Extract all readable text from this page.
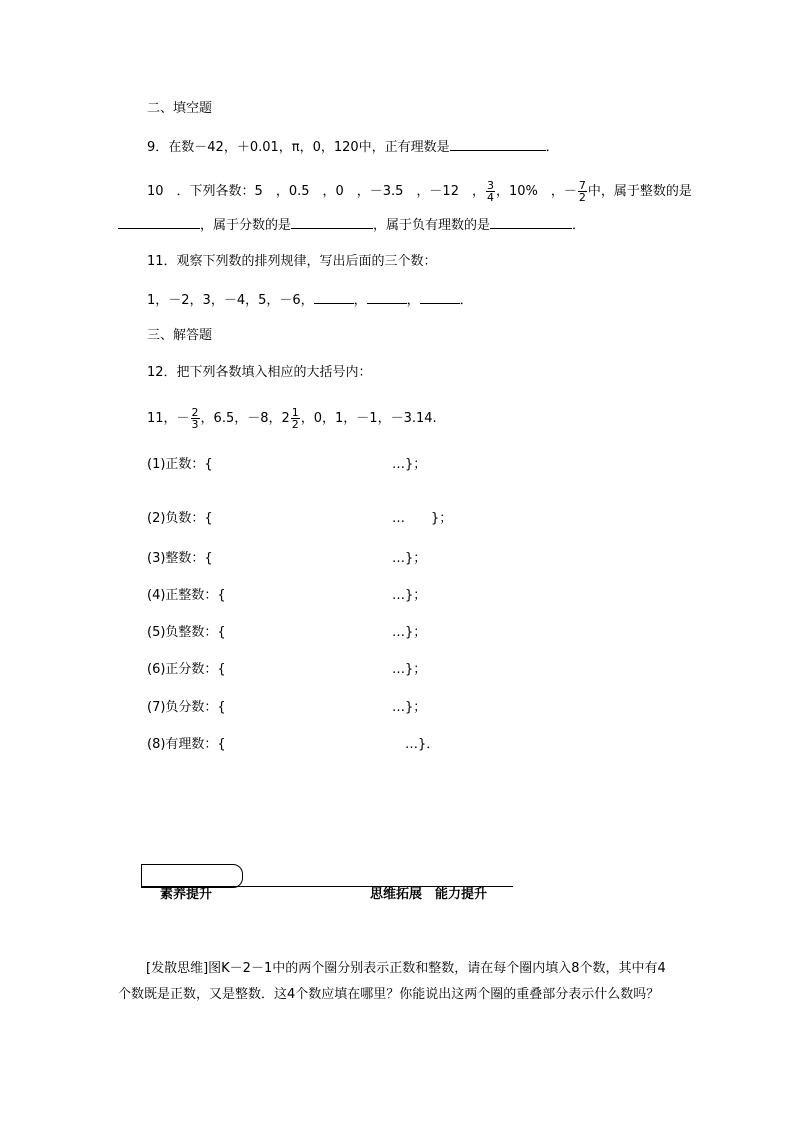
二、填空题
9．在数－42，＋0.01，π，0，120中，正有理数是	．
10　．下列各数：5　，0.5　，0　，－3.5　，－12　， $\frac{3}{4}$ ，10%　，－ $\frac{7}{2}$ 中，属于整数的是
，属于分数的是	，属于负有理数的是	．
11．观察下列数的排列规律，写出后面的三个数：
1，－2，3，－4，5，－6，	，	，	．
三、解答题
12．把下列各数填入相应的大括号内：
11，－ $\frac{2}{3}$ ，6.5，－8，$2 \frac{1}{2}$ ，0，1，－1，－3.14.
(1)正数：{	…}；
(2)负数：{	…　　}；
(3)整数：{	…}；
(4)正整数：{	…}；
(5)负整数：{	…}；
(6)正分数：{	…}；
(7)负分数：{	…}；
(8)有理数：{	…}．
素养提升	思维拓展　能力提升
[发散思维]图K－2－1中的两个圈分别表示正数和整数，请在每个圈内填入8个数，其中有4个数既是正数，又是整数．这4个数应填在哪里？你能说出这两个圈的重叠部分表示什么数吗？
